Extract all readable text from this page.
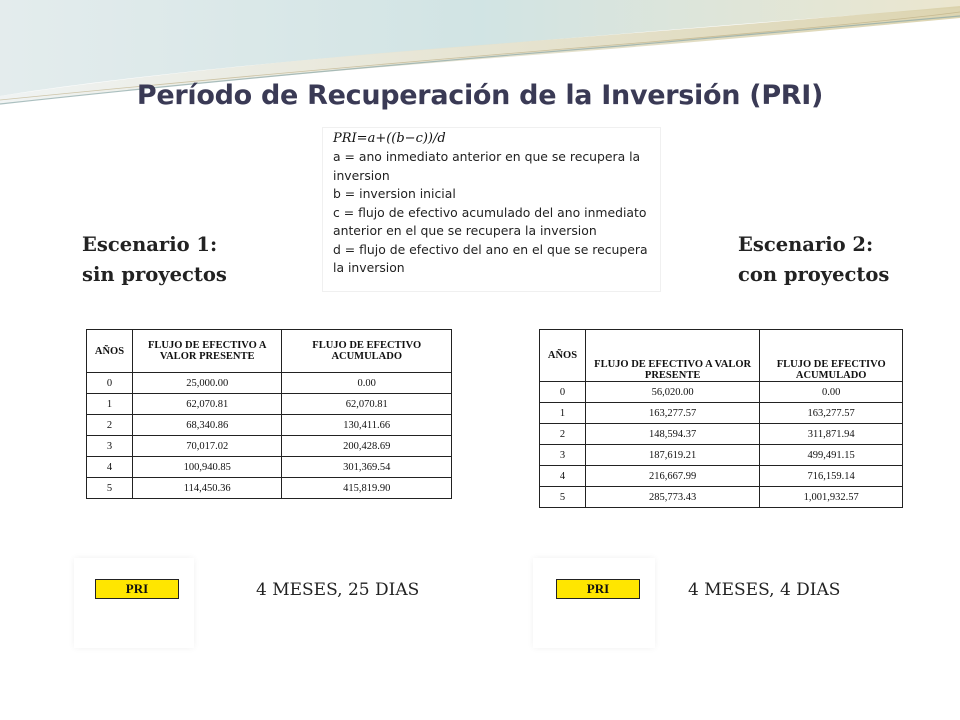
Período de Recuperación de la Inversión (PRI)
PRI=a+((b−c))/d
a = ano inmediato anterior en que se recupera la
inversion
b = inversion inicial
c = flujo de efectivo acumulado del ano inmediato
anterior en el que se recupera la inversion
d = flujo de efectivo del ano en el que se recupera
la inversion
Escenario 1:
sin proyectos
Escenario 2:
con proyectos
AÑOS	FLUJO DE EFECTIVO A VALOR PRESENTE	FLUJO DE EFECTIVO ACUMULADO
0	25,000.00	0.00
1	62,070.81	62,070.81
2	68,340.86	130,411.66
3	70,017.02	200,428.69
4	100,940.85	301,369.54
5	114,450.36	415,819.90
AÑOS	FLUJO DE EFECTIVO A VALOR PRESENTE	FLUJO DE EFECTIVO ACUMULADO
0	56,020.00	0.00
1	163,277.57	163,277.57
2	148,594.37	311,871.94
3	187,619.21	499,491.15
4	216,667.99	716,159.14
5	285,773.43	1,001,932.57
PRI	4 MESES, 25 DIAS	PRI	4 MESES, 4 DIAS
